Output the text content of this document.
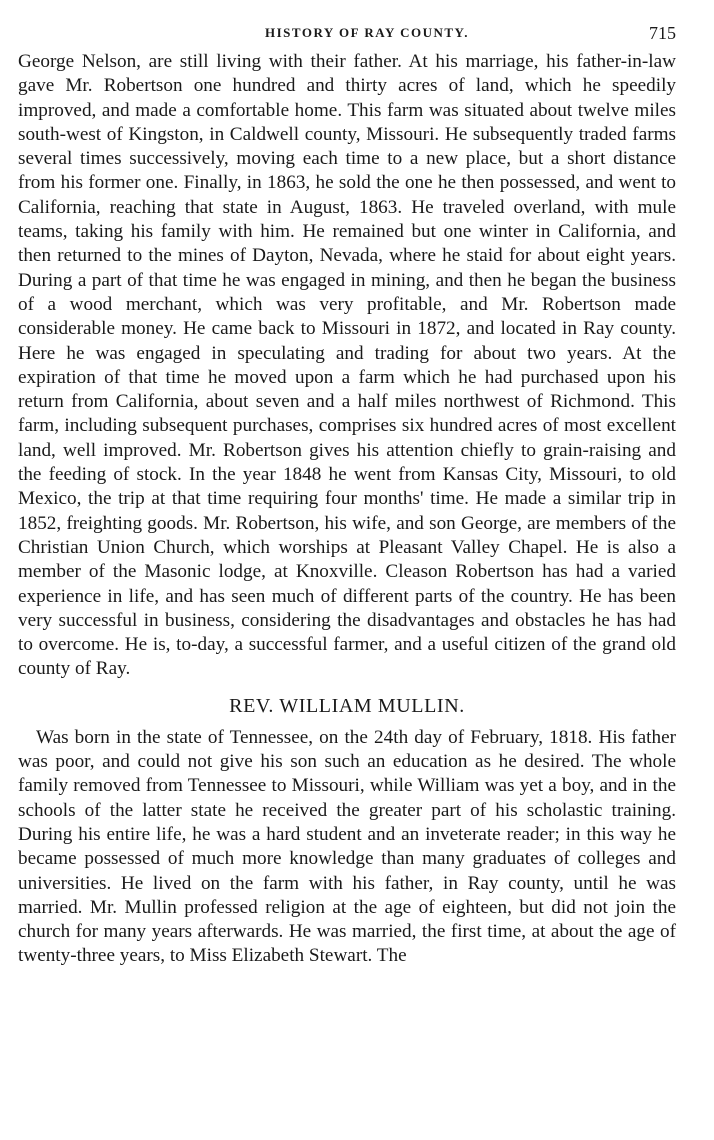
HISTORY OF RAY COUNTY.	715

George Nelson, are still living with their father. At his marriage, his father-in-law gave Mr. Robertson one hundred and thirty acres of land, which he speedily improved, and made a comfortable home. This farm was situated about twelve miles south-west of Kingston, in Caldwell county, Missouri. He subsequently traded farms several times successively, moving each time to a new place, but a short distance from his former one. Finally, in 1863, he sold the one he then possessed, and went to California, reaching that state in August, 1863. He traveled overland, with mule teams, taking his family with him. He remained but one winter in California, and then returned to the mines of Dayton, Nevada, where he staid for about eight years. During a part of that time he was engaged in mining, and then he began the business of a wood merchant, which was very profitable, and Mr. Robertson made considerable money. He came back to Missouri in 1872, and located in Ray county. Here he was engaged in speculating and trading for about two years. At the expiration of that time he moved upon a farm which he had purchased upon his return from California, about seven and a half miles northwest of Richmond. This farm, including subsequent purchases, comprises six hundred acres of most excellent land, well improved. Mr. Robertson gives his attention chiefly to grain-raising and the feeding of stock. In the year 1848 he went from Kansas City, Missouri, to old Mexico, the trip at that time requiring four months' time. He made a similar trip in 1852, freighting goods. Mr. Robertson, his wife, and son George, are members of the Christian Union Church, which worships at Pleasant Valley Chapel. He is also a member of the Masonic lodge, at Knoxville. Cleason Robertson has had a varied experience in life, and has seen much of different parts of the country. He has been very successful in business, considering the disadvantages and obstacles he has had to overcome. He is, to-day, a successful farmer, and a useful citizen of the grand old county of Ray.

REV. WILLIAM MULLIN.

Was born in the state of Tennessee, on the 24th day of February, 1818. His father was poor, and could not give his son such an education as he desired. The whole family removed from Tennessee to Missouri, while William was yet a boy, and in the schools of the latter state he received the greater part of his scholastic training. During his entire life, he was a hard student and an inveterate reader; in this way he became possessed of much more knowledge than many graduates of colleges and universities. He lived on the farm with his father, in Ray county, until he was married. Mr. Mullin professed religion at the age of eighteen, but did not join the church for many years afterwards. He was married, the first time, at about the age of twenty-three years, to Miss Elizabeth Stewart. The
